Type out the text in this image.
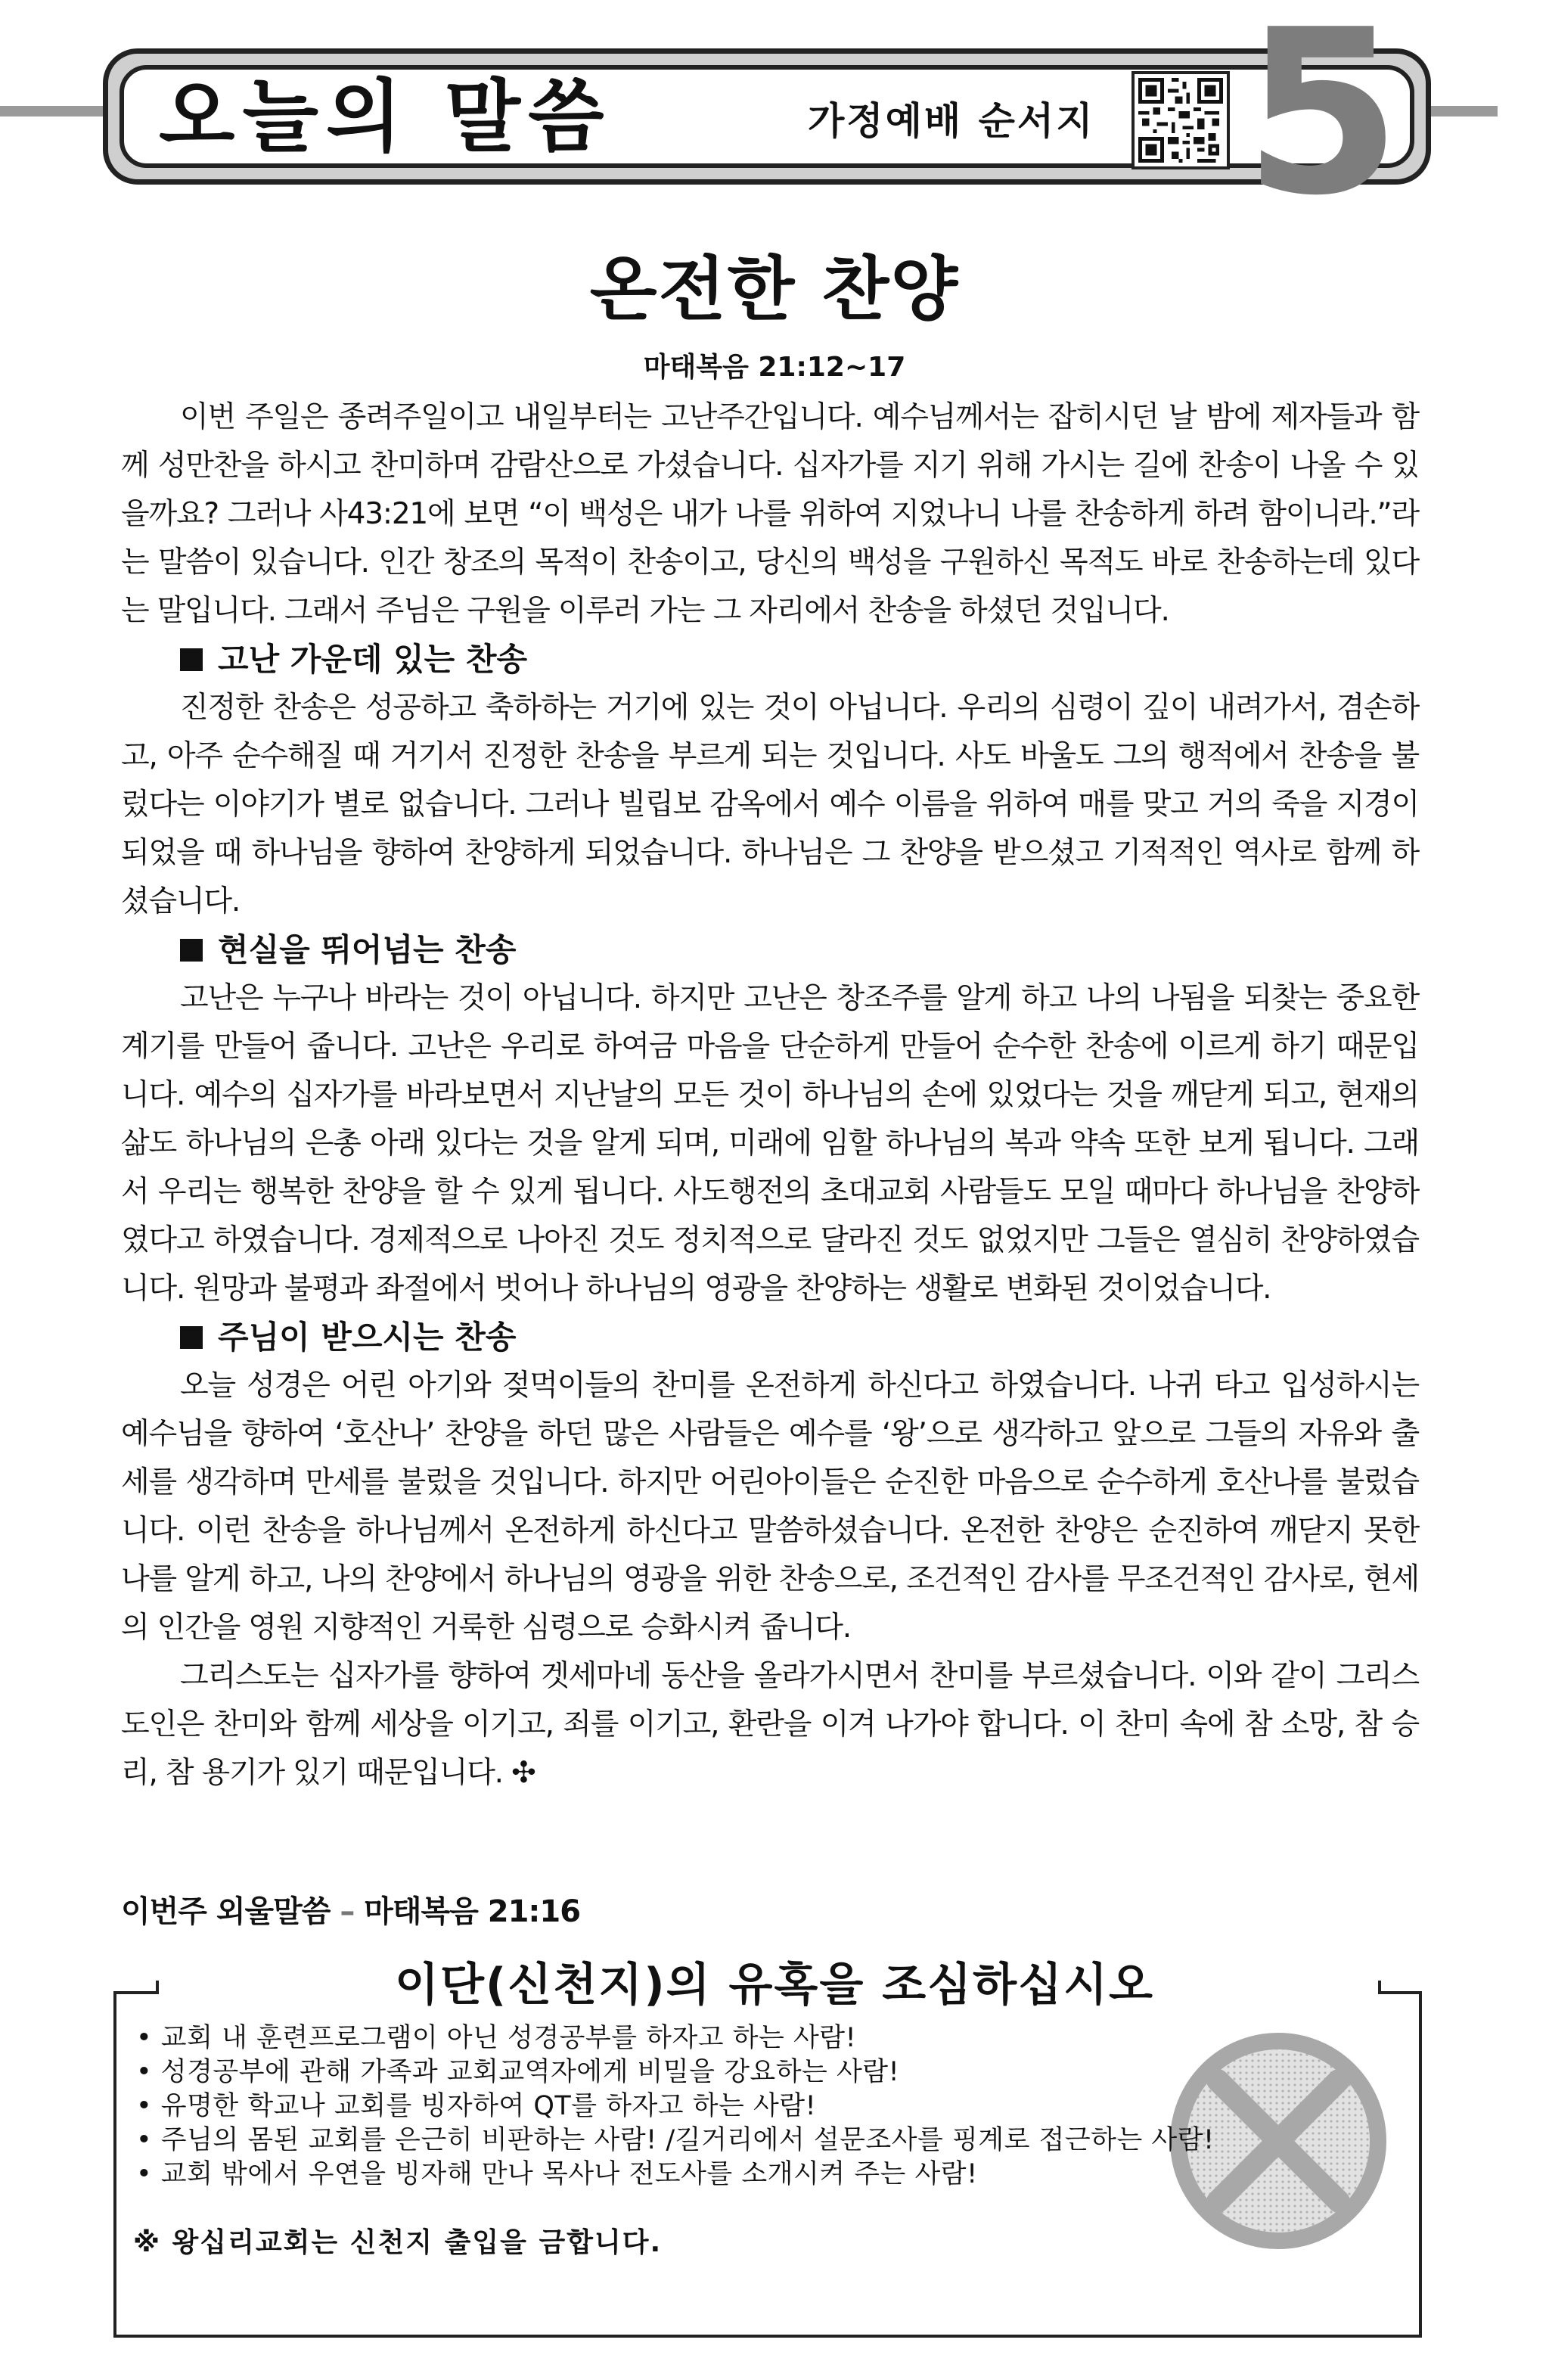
오늘의 말씀	가정예배 순서지 5
온전한 찬양
마태복음 21:12~17

이번 주일은 종려주일이고 내일부터는 고난주간입니다. 예수님께서는 잡히시던 날 밤에 제자들과 함께 성만찬을 하시고 찬미하며 감람산으로 가셨습니다. 십자가를 지기 위해 가시는 길에 찬송이 나올 수 있을까요? 그러나 사43:21에 보면 “이 백성은 내가 나를 위하여 지었나니 나를 찬송하게 하려 함이니라.”라는 말씀이 있습니다. 인간 창조의 목적이 찬송이고, 당신의 백성을 구원하신 목적도 바로 찬송하는데 있다는 말입니다. 그래서 주님은 구원을 이루러 가는 그 자리에서 찬송을 하셨던 것입니다.

고난 가운데 있는 찬송

진정한 찬송은 성공하고 축하하는 거기에 있는 것이 아닙니다. 우리의 심령이 깊이 내려가서, 겸손하고, 아주 순수해질 때 거기서 진정한 찬송을 부르게 되는 것입니다. 사도 바울도 그의 행적에서 찬송을 불렀다는 이야기가 별로 없습니다. 그러나 빌립보 감옥에서 예수 이름을 위하여 매를 맞고 거의 죽을 지경이 되었을 때 하나님을 향하여 찬양하게 되었습니다. 하나님은 그 찬양을 받으셨고 기적적인 역사로 함께 하셨습니다.

현실을 뛰어넘는 찬송

고난은 누구나 바라는 것이 아닙니다. 하지만 고난은 창조주를 알게 하고 나의 나됨을 되찾는 중요한 계기를 만들어 줍니다. 고난은 우리로 하여금 마음을 단순하게 만들어 순수한 찬송에 이르게 하기 때문입니다. 예수의 십자가를 바라보면서 지난날의 모든 것이 하나님의 손에 있었다는 것을 깨닫게 되고, 현재의 삶도 하나님의 은총 아래 있다는 것을 알게 되며, 미래에 임할 하나님의 복과 약속 또한 보게 됩니다. 그래서 우리는 행복한 찬양을 할 수 있게 됩니다. 사도행전의 초대교회 사람들도 모일 때마다 하나님을 찬양하였다고 하였습니다. 경제적으로 나아진 것도 정치적으로 달라진 것도 없었지만 그들은 열심히 찬양하였습니다. 원망과 불평과 좌절에서 벗어나 하나님의 영광을 찬양하는 생활로 변화된 것이었습니다.

주님이 받으시는 찬송

오늘 성경은 어린 아기와 젖먹이들의 찬미를 온전하게 하신다고 하였습니다. 나귀 타고 입성하시는 예수님을 향하여 ‘호산나’ 찬양을 하던 많은 사람들은 예수를 ‘왕’으로 생각하고 앞으로 그들의 자유와 출세를 생각하며 만세를 불렀을 것입니다. 하지만 어린아이들은 순진한 마음으로 순수하게 호산나를 불렀습니다. 이런 찬송을 하나님께서 온전하게 하신다고 말씀하셨습니다. 온전한 찬양은 순진하여 깨닫지 못한 나를 알게 하고, 나의 찬양에서 하나님의 영광을 위한 찬송으로, 조건적인 감사를 무조건적인 감사로, 현세의 인간을 영원 지향적인 거룩한 심령으로 승화시켜 줍니다.

그리스도는 십자가를 향하여 겟세마네 동산을 올라가시면서 찬미를 부르셨습니다. 이와 같이 그리스도인은 찬미와 함께 세상을 이기고, 죄를 이기고, 환란을 이겨 나가야 합니다. 이 찬미 속에 참 소망, 참 승리, 참 용기가 있기 때문입니다. ✣

이번주 외울말씀 – 마태복음 21:16
이단(신천지)의 유혹을 조심하십시오
• 교회 내 훈련프로그램이 아닌 성경공부를 하자고 하는 사람!
• 성경공부에 관해 가족과 교회교역자에게 비밀을 강요하는 사람!
• 유명한 학교나 교회를 빙자하여 QT를 하자고 하는 사람!
• 주님의 몸된 교회를 은근히 비판하는 사람! /길거리에서 설문조사를 핑계로 접근하는 사람!
• 교회 밖에서 우연을 빙자해 만나 목사나 전도사를 소개시켜 주는 사람!
※ 왕십리교회는 신천지 출입을 금합니다.
